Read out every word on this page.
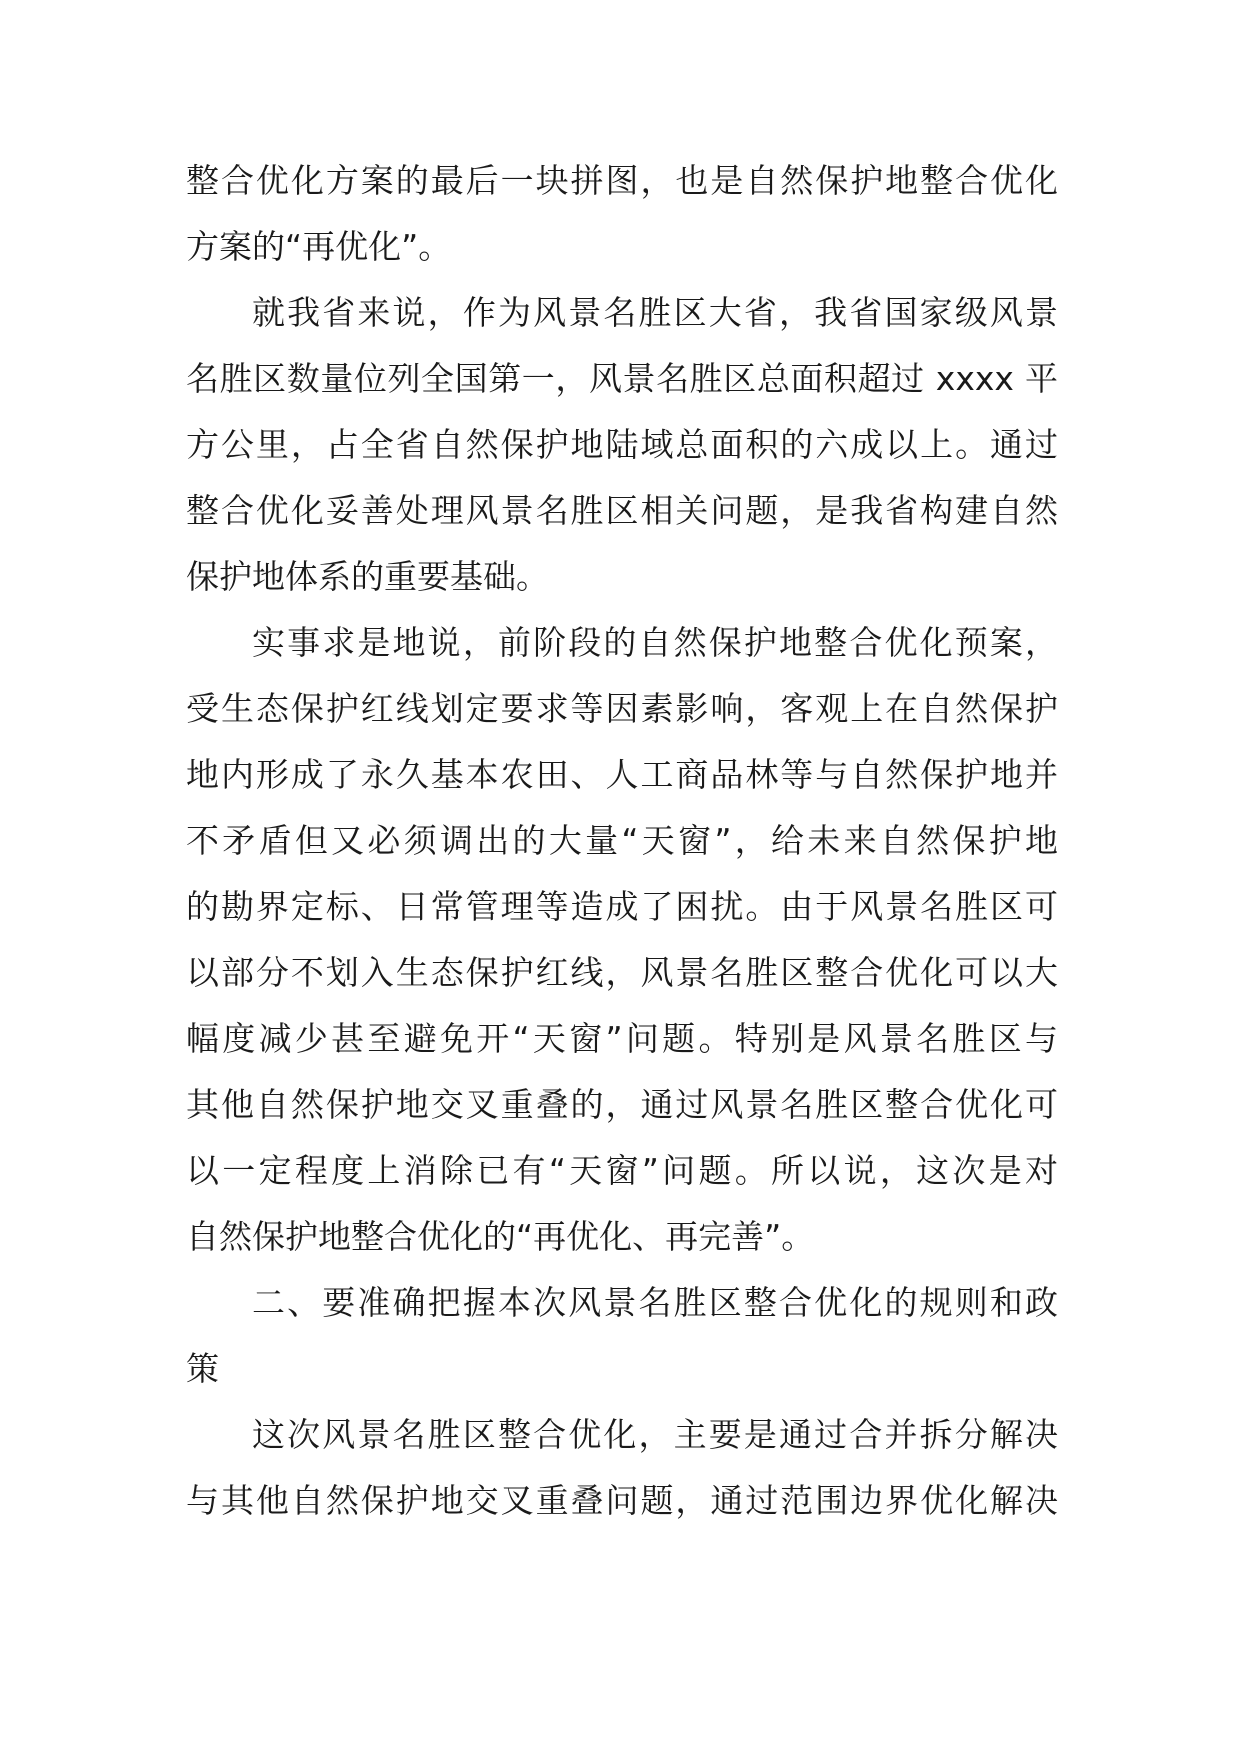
整合优化方案的最后一块拼图，也是自然保护地整合优化
方案的“再优化”。
就我省来说，作为风景名胜区大省，我省国家级风景
名胜区数量位列全国第一，风景名胜区总面积超过 xxxx 平
方公里，占全省自然保护地陆域总面积的六成以上。通过
整合优化妥善处理风景名胜区相关问题，是我省构建自然
保护地体系的重要基础。
实事求是地说，前阶段的自然保护地整合优化预案，
受生态保护红线划定要求等因素影响，客观上在自然保护
地内形成了永久基本农田、人工商品林等与自然保护地并
不矛盾但又必须调出的大量“天窗”，给未来自然保护地
的勘界定标、日常管理等造成了困扰。由于风景名胜区可
以部分不划入生态保护红线，风景名胜区整合优化可以大
幅度减少甚至避免开“天窗”问题。特别是风景名胜区与
其他自然保护地交叉重叠的，通过风景名胜区整合优化可
以一定程度上消除已有“天窗”问题。所以说，这次是对
自然保护地整合优化的“再优化、再完善”。
二、要准确把握本次风景名胜区整合优化的规则和政
策
这次风景名胜区整合优化，主要是通过合并拆分解决
与其他自然保护地交叉重叠问题，通过范围边界优化解决
